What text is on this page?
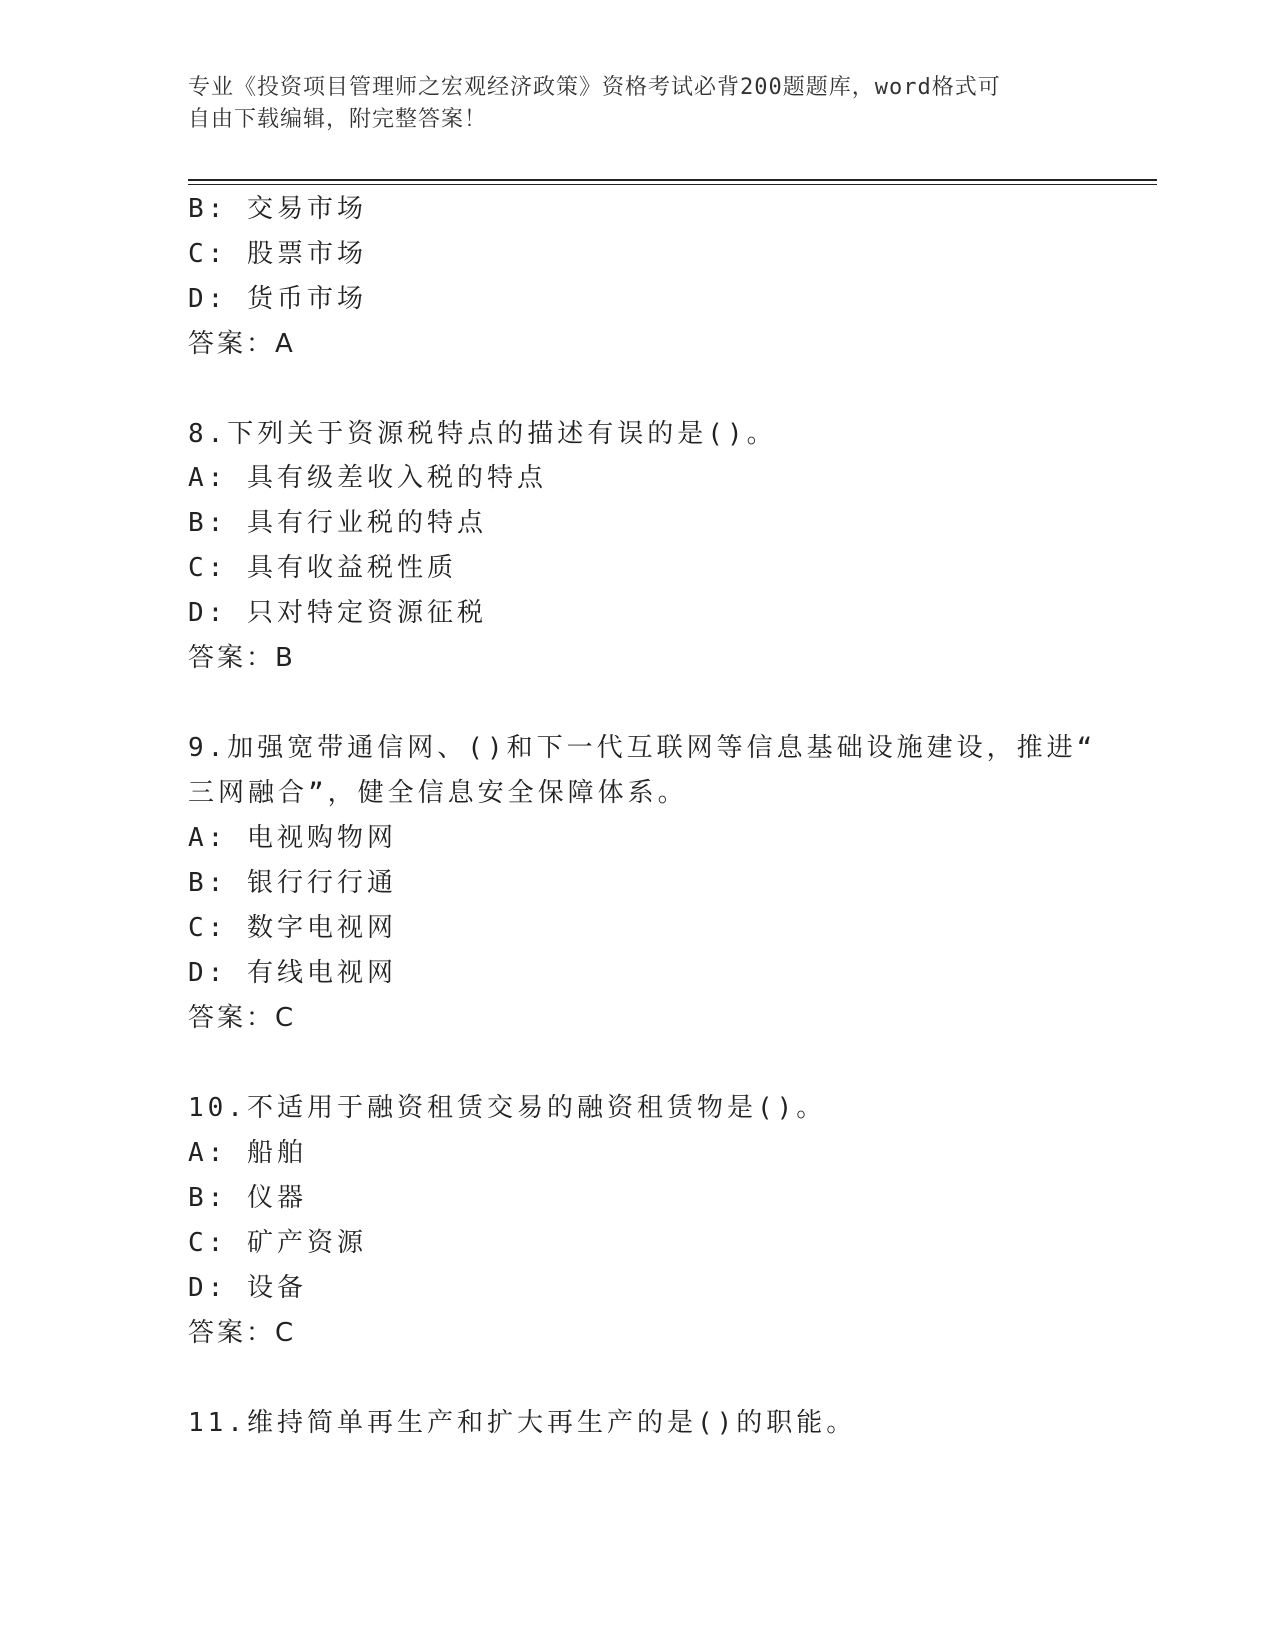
专业《投资项目管理师之宏观经济政策》资格考试必背200题题库，word格式可
自由下载编辑，附完整答案！
B: 交易市场
C: 股票市场
D: 货币市场
答案：A
8.下列关于资源税特点的描述有误的是()。
A: 具有级差收入税的特点
B: 具有行业税的特点
C: 具有收益税性质
D: 只对特定资源征税
答案：B
9.加强宽带通信网、()和下一代互联网等信息基础设施建设，推进“
三网融合”，健全信息安全保障体系。
A: 电视购物网
B: 银行行行通
C: 数字电视网
D: 有线电视网
答案：C
10.不适用于融资租赁交易的融资租赁物是()。
A: 船舶
B: 仪器
C: 矿产资源
D: 设备
答案：C
11.维持简单再生产和扩大再生产的是()的职能。
